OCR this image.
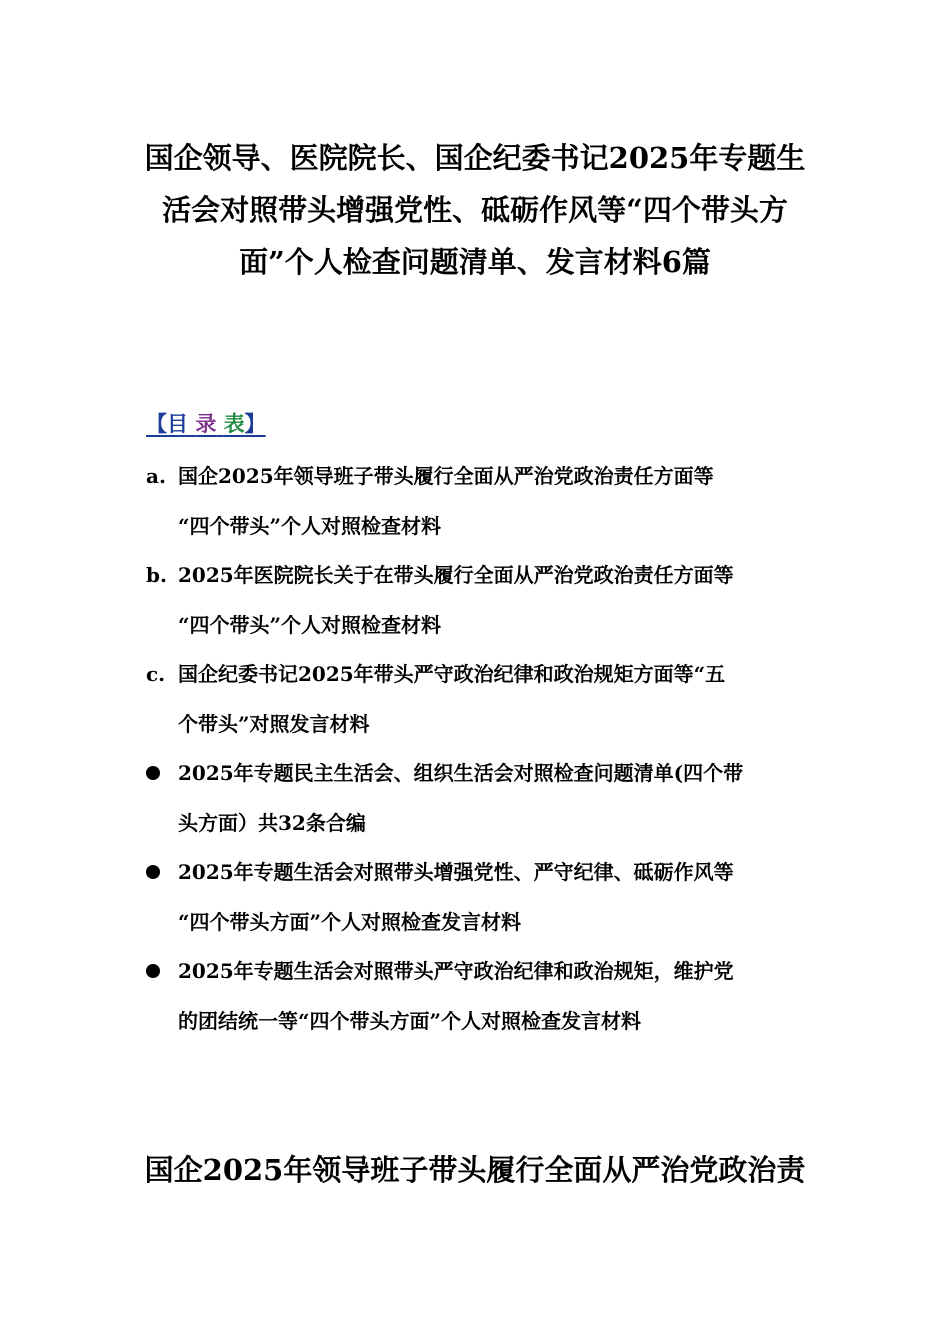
国企领导、医院院长、国企纪委书记2025年专题生
活会对照带头增强党性、砥砺作风等“四个带头方
面”个人检查问题清单、发言材料6篇
【目 录 表】
a. 国企2025年领导班子带头履行全面从严治党政治责任方面等
“四个带头”个人对照检查材料
b. 2025年医院院长关于在带头履行全面从严治党政治责任方面等
“四个带头”个人对照检查材料
c. 国企纪委书记2025年带头严守政治纪律和政治规矩方面等“五
个带头”对照发言材料
2025年专题民主生活会、组织生活会对照检查问题清单(四个带
头方面）共32条合编
2025年专题生活会对照带头增强党性、严守纪律、砥砺作风等
“四个带头方面”个人对照检查发言材料
2025年专题生活会对照带头严守政治纪律和政治规矩，维护党
的团结统一等“四个带头方面”个人对照检查发言材料
国企2025年领导班子带头履行全面从严治党政治责
